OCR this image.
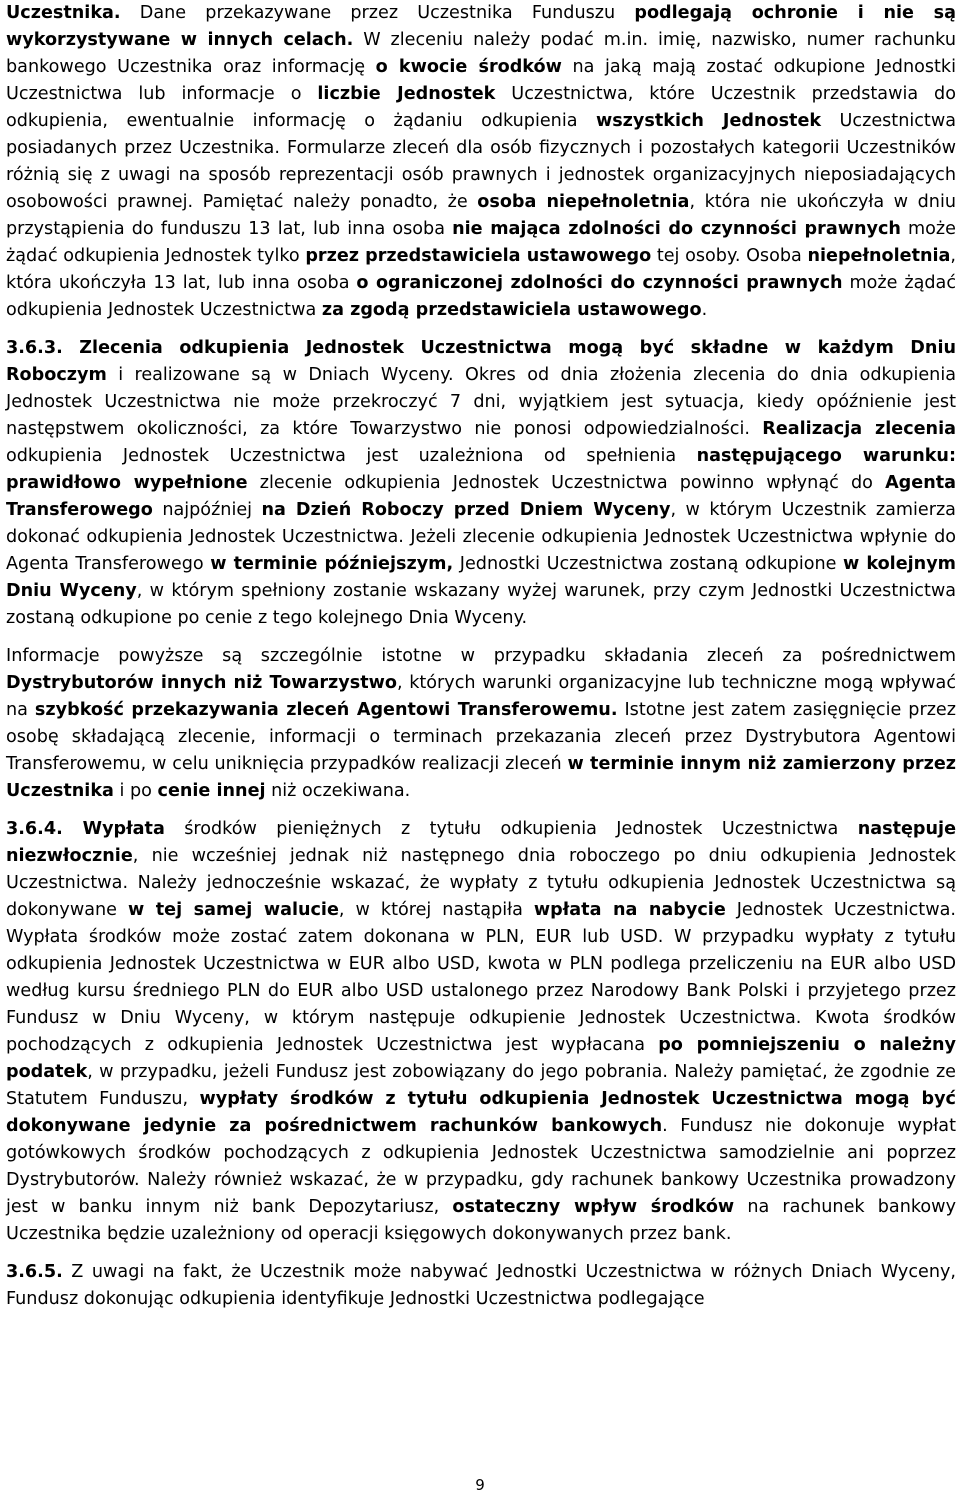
Uczestnika. Dane przekazywane przez Uczestnika Funduszu podlegają ochronie i nie są wykorzystywane w innych celach. W zleceniu należy podać m.in. imię, nazwisko, numer rachunku bankowego Uczestnika oraz informację o kwocie środków na jaką mają zostać odkupione Jednostki Uczestnictwa lub informacje o liczbie Jednostek Uczestnictwa, które Uczestnik przedstawia do odkupienia, ewentualnie informację o żądaniu odkupienia wszystkich Jednostek Uczestnictwa posiadanych przez Uczestnika. Formularze zleceń dla osób fizycznych i pozostałych kategorii Uczestników różnią się z uwagi na sposób reprezentacji osób prawnych i jednostek organizacyjnych nieposiadających osobowości prawnej. Pamiętać należy ponadto, że osoba niepełnoletnia, która nie ukończyła w dniu przystąpienia do funduszu 13 lat, lub inna osoba nie mająca zdolności do czynności prawnych może żądać odkupienia Jednostek tylko przez przedstawiciela ustawowego tej osoby. Osoba niepełnoletnia, która ukończyła 13 lat, lub inna osoba o ograniczonej zdolności do czynności prawnych może żądać odkupienia Jednostek Uczestnictwa za zgodą przedstawiciela ustawowego.

3.6.3. Zlecenia odkupienia Jednostek Uczestnictwa mogą być składne w każdym Dniu Roboczym i realizowane są w Dniach Wyceny. Okres od dnia złożenia zlecenia do dnia odkupienia Jednostek Uczestnictwa nie może przekroczyć 7 dni, wyjątkiem jest sytuacja, kiedy opóźnienie jest następstwem okoliczności, za które Towarzystwo nie ponosi odpowiedzialności. Realizacja zlecenia odkupienia Jednostek Uczestnictwa jest uzależniona od spełnienia następującego warunku: prawidłowo wypełnione zlecenie odkupienia Jednostek Uczestnictwa powinno wpłynąć do Agenta Transferowego najpóźniej na Dzień Roboczy przed Dniem Wyceny, w którym Uczestnik zamierza dokonać odkupienia Jednostek Uczestnictwa. Jeżeli zlecenie odkupienia Jednostek Uczestnictwa wpłynie do Agenta Transferowego w terminie późniejszym, Jednostki Uczestnictwa zostaną odkupione w kolejnym Dniu Wyceny, w którym spełniony zostanie wskazany wyżej warunek, przy czym Jednostki Uczestnictwa zostaną odkupione po cenie z tego kolejnego Dnia Wyceny.

Informacje powyższe są szczególnie istotne w przypadku składania zleceń za pośrednictwem Dystrybutorów innych niż Towarzystwo, których warunki organizacyjne lub techniczne mogą wpływać na szybkość przekazywania zleceń Agentowi Transferowemu. Istotne jest zatem zasięgnięcie przez osobę składającą zlecenie, informacji o terminach przekazania zleceń przez Dystrybutora Agentowi Transferowemu, w celu uniknięcia przypadków realizacji zleceń w terminie innym niż zamierzony przez Uczestnika i po cenie innej niż oczekiwana.

3.6.4. Wypłata środków pieniężnych z tytułu odkupienia Jednostek Uczestnictwa następuje niezwłocznie, nie wcześniej jednak niż następnego dnia roboczego po dniu odkupienia Jednostek Uczestnictwa. Należy jednocześnie wskazać, że wypłaty z tytułu odkupienia Jednostek Uczestnictwa są dokonywane w tej samej walucie, w której nastąpiła wpłata na nabycie Jednostek Uczestnictwa. Wypłata środków może zostać zatem dokonana w PLN, EUR lub USD. W przypadku wypłaty z tytułu odkupienia Jednostek Uczestnictwa w EUR albo USD, kwota w PLN podlega przeliczeniu na EUR albo USD według kursu średniego PLN do EUR albo USD ustalonego przez Narodowy Bank Polski i przyjetego przez Fundusz w Dniu Wyceny, w którym następuje odkupienie Jednostek Uczestnictwa. Kwota środków pochodzących z odkupienia Jednostek Uczestnictwa jest wypłacana po pomniejszeniu o należny podatek, w przypadku, jeżeli Fundusz jest zobowiązany do jego pobrania. Należy pamiętać, że zgodnie ze Statutem Funduszu, wypłaty środków z tytułu odkupienia Jednostek Uczestnictwa mogą być dokonywane jedynie za pośrednictwem rachunków bankowych. Fundusz nie dokonuje wypłat gotówkowych środków pochodzących z odkupienia Jednostek Uczestnictwa samodzielnie ani poprzez Dystrybutorów. Należy również wskazać, że w przypadku, gdy rachunek bankowy Uczestnika prowadzony jest w banku innym niż bank Depozytariusz, ostateczny wpływ środków na rachunek bankowy Uczestnika będzie uzależniony od operacji księgowych dokonywanych przez bank.

3.6.5. Z uwagi na fakt, że Uczestnik może nabywać Jednostki Uczestnictwa w różnych Dniach Wyceny, Fundusz dokonując odkupienia identyfikuje Jednostki Uczestnictwa podlegające

9
